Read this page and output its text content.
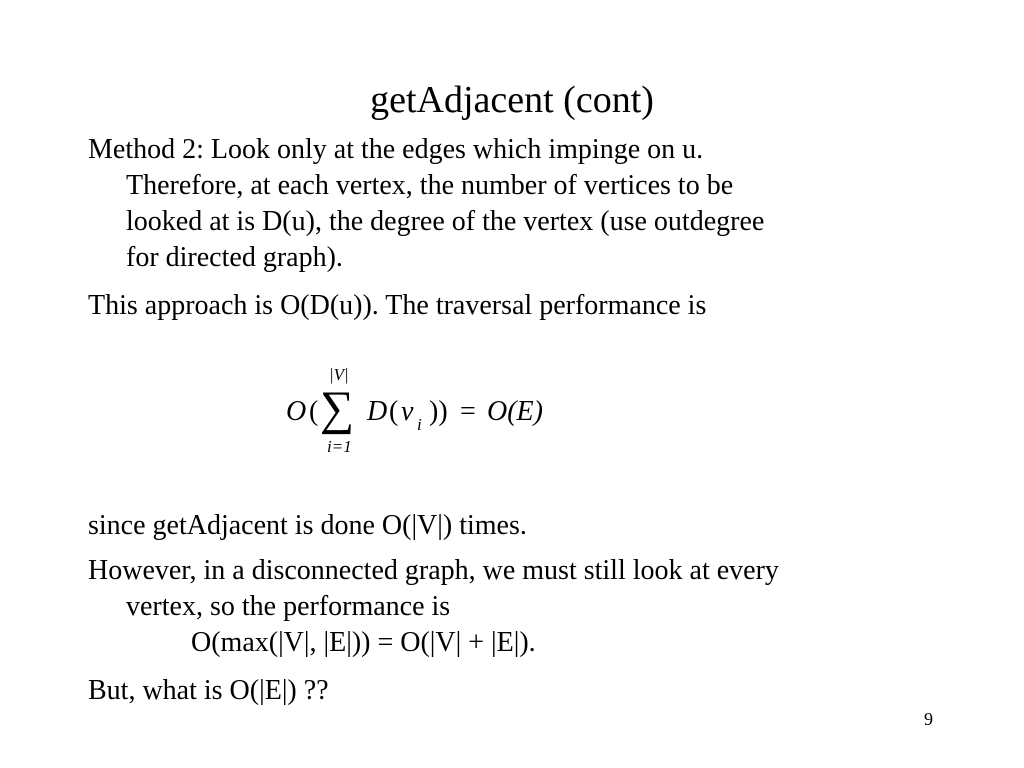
getAdjacent (cont)
Method 2: Look only at the edges which impinge on u.
Therefore, at each vertex, the number of vertices to be
looked at is D(u), the degree of the vertex (use outdegree
for directed graph).
This approach is O(D(u)). The traversal performance is
|V|
O ( ∑ D ( v i )) = O(E)
i=1
since getAdjacent is done O(|V|) times.
However, in a disconnected graph, we must still look at every
vertex, so the performance is
O(max(|V|, |E|)) = O(|V| + |E|).
But, what is O(|E|) ??
9
